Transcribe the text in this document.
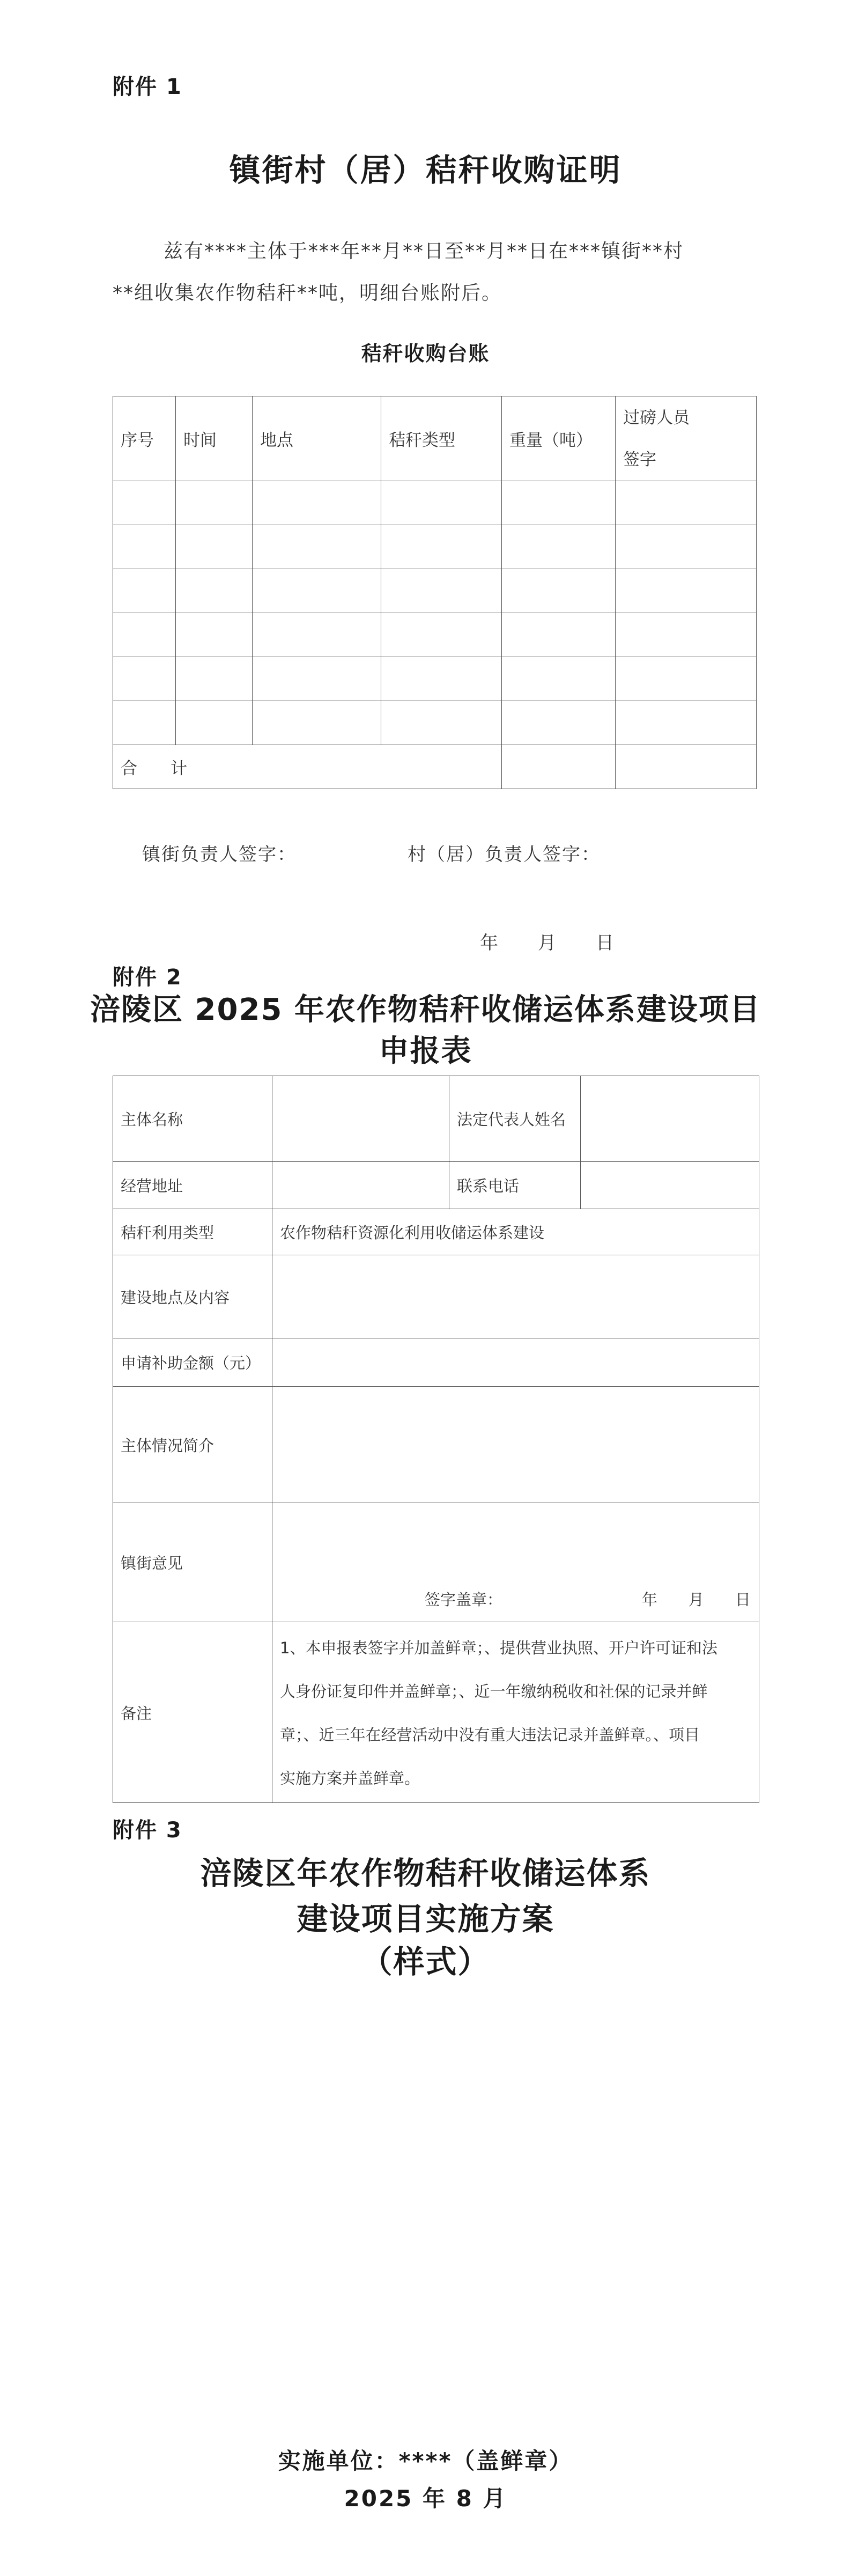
附件 1
镇街村（居）秸秆收购证明
兹有****主体于***年**月**日至**月**日在***镇街**村
**组收集农作物秸秆**吨，明细台账附后。
秸秆收购台账
序号	时间	地点	秸秆类型	重量（吨）	过磅人员
签字

合　　计					
镇街负责人签字：	村（居）负责人签字：
年　　月　　日
附件 2
涪陵区 2025 年农作物秸秆收储运体系建设项目
申报表
主体名称		法定代表人姓名	
经营地址		联系电话	
秸秆利用类型	农作物秸秆资源化利用收储运体系建设		
建设地点及内容			
申请补助金额（元）			
主体情况简介			
镇街意见	签字盖章： 年　　月　　日		
备注	1、本申报表签字并加盖鲜章；、提供营业执照、开户许可证和法
人身份证复印件并盖鲜章；、近一年缴纳税收和社保的记录并鲜
章；、近三年在经营活动中没有重大违法记录并盖鲜章。、项目
实施方案并盖鲜章。		
附件 3
涪陵区年农作物秸秆收储运体系
建设项目实施方案
（样式）
实施单位：****（盖鲜章）
2025 年 8 月
